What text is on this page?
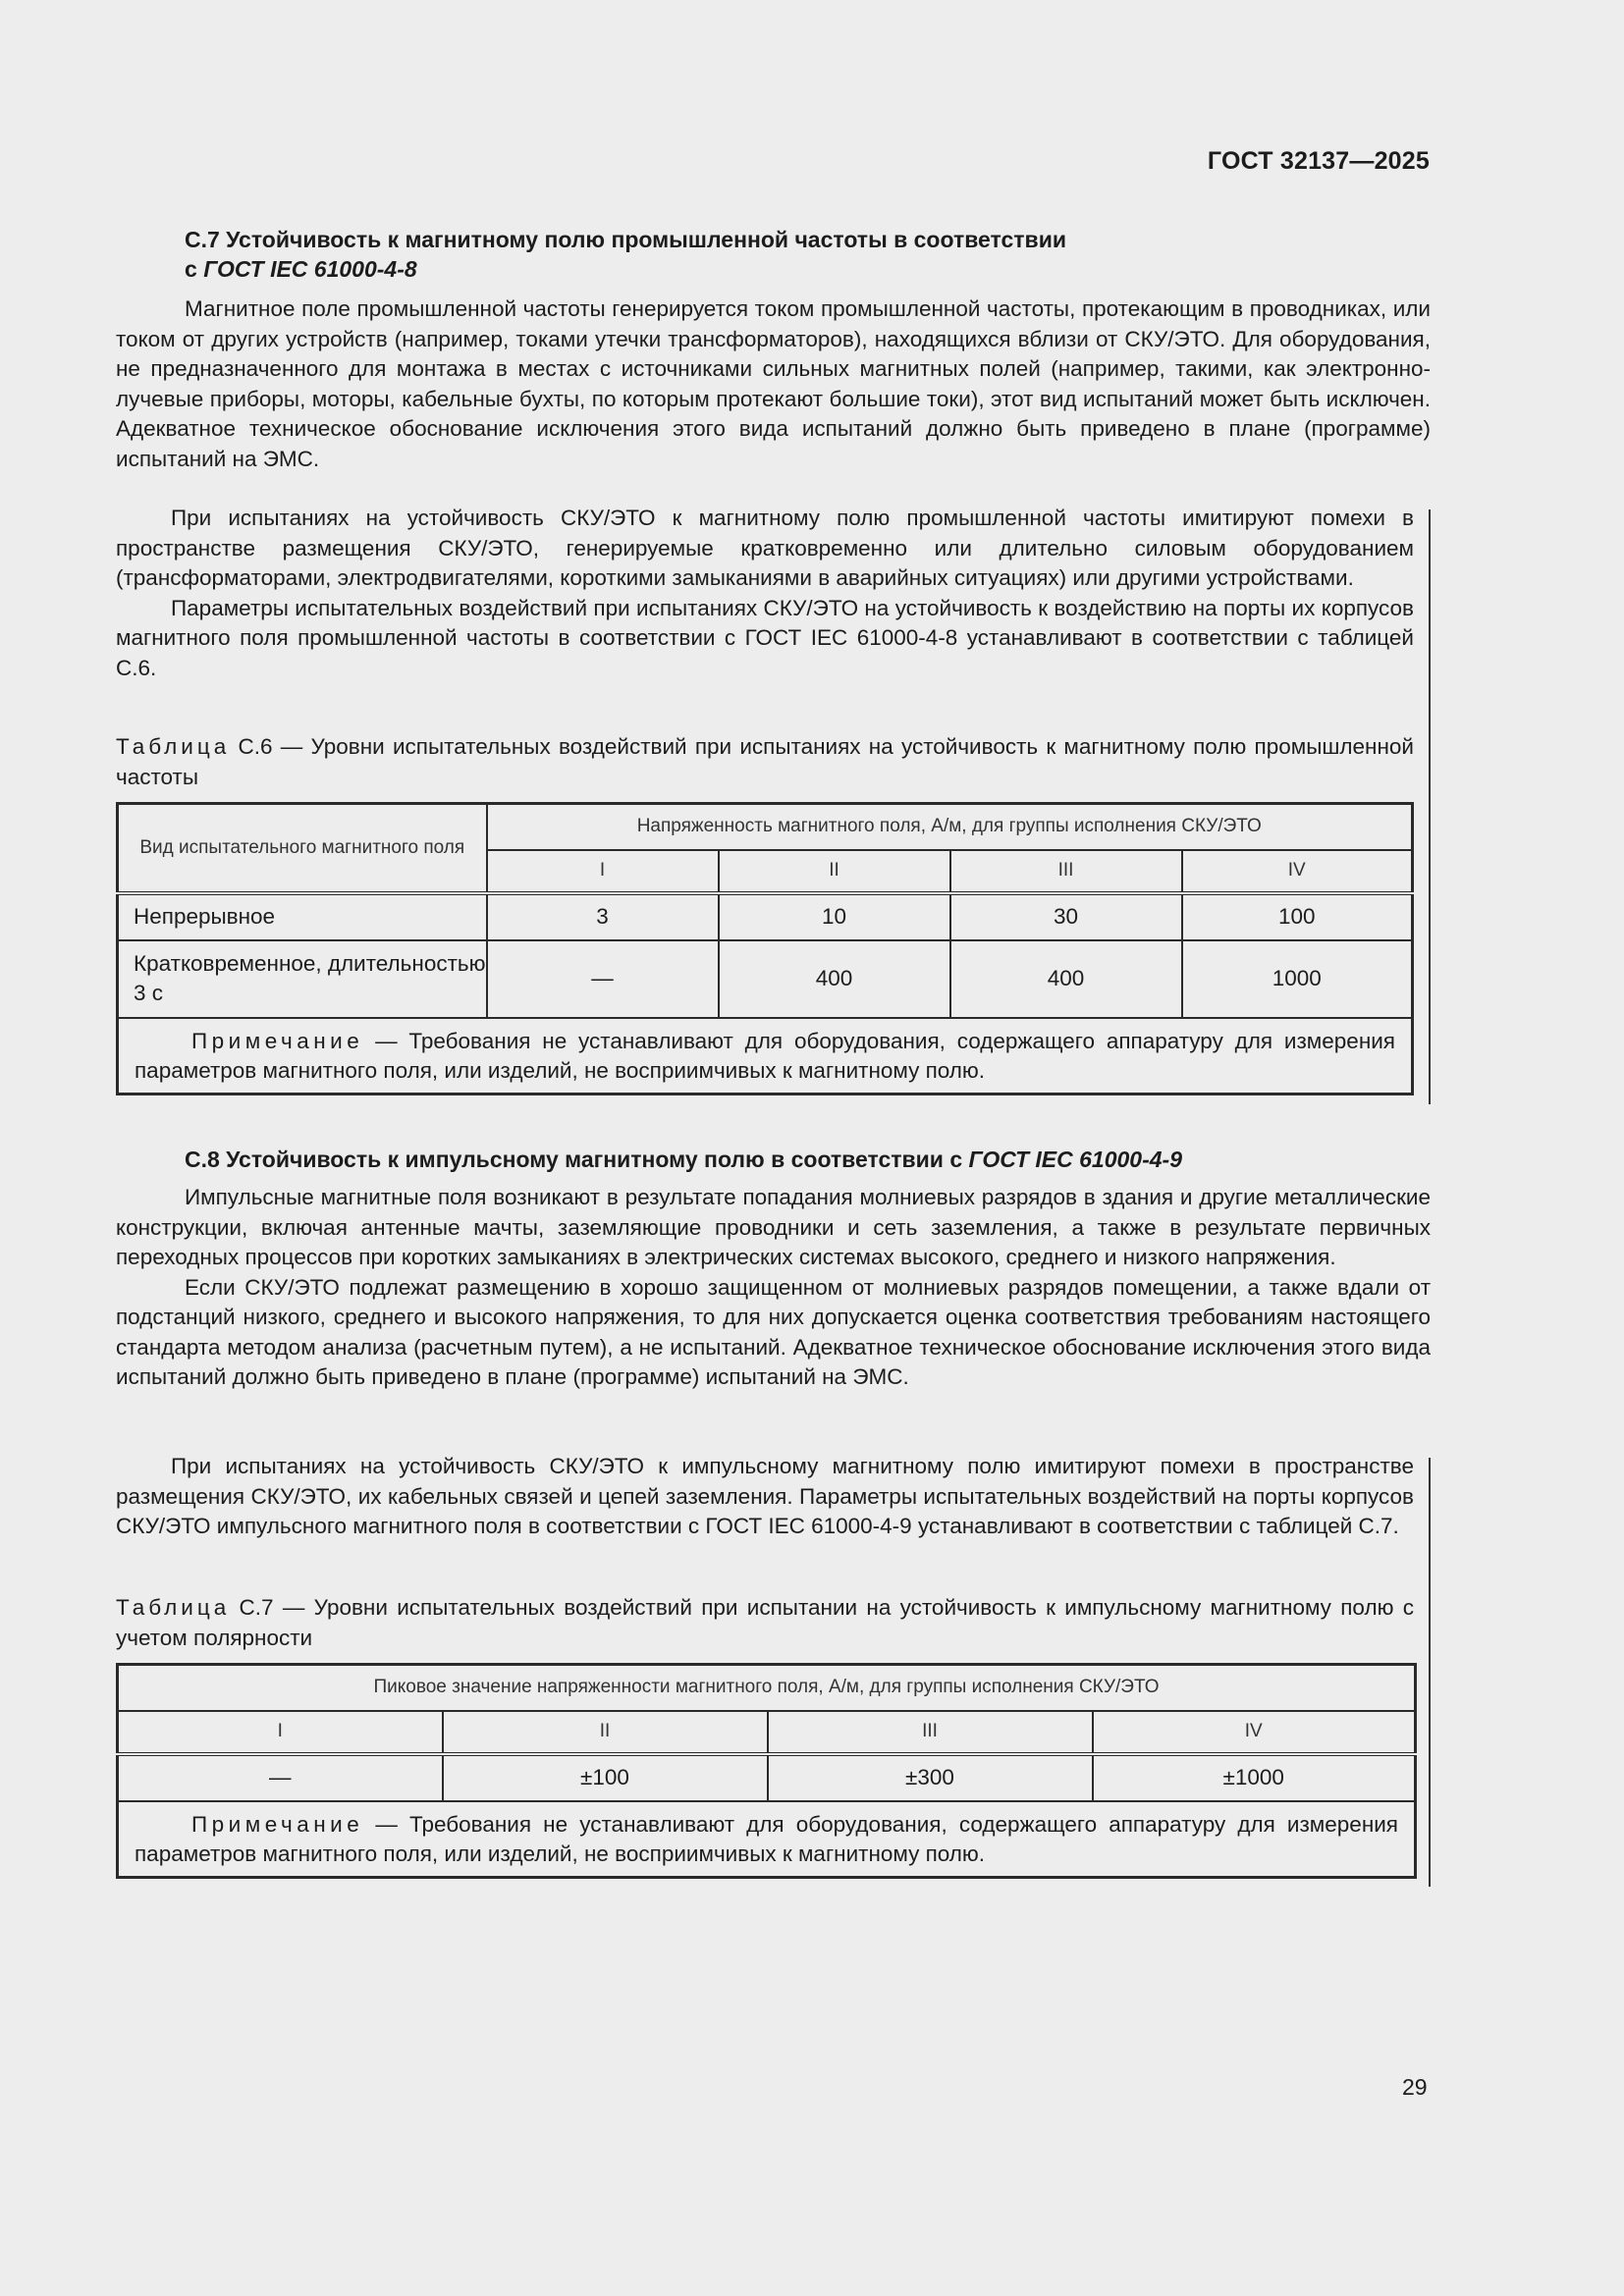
ГОСТ 32137—2025
С.7 Устойчивость к магнитному полю промышленной частоты в соответствии
с ГОСТ IEC 61000-4-8

Магнитное поле промышленной частоты генерируется током промышленной частоты, протекающим в проводниках, или током от других устройств (например, токами утечки трансформаторов), находящихся вблизи от СКУ/ЭТО. Для оборудования, не предназначенного для монтажа в местах с источниками сильных магнитных полей (например, такими, как электронно-лучевые приборы, моторы, кабельные бухты, по которым протекают большие токи), этот вид испытаний может быть исключен. Адекватное техническое обоснование исключения этого вида испытаний должно быть приведено в плане (программе) испытаний на ЭМС.

При испытаниях на устойчивость СКУ/ЭТО к магнитному полю промышленной частоты имитируют помехи в пространстве размещения СКУ/ЭТО, генерируемые кратковременно или длительно силовым оборудованием (трансформаторами, электродвигателями, короткими замыканиями в аварийных ситуациях) или другими устройствами.

Параметры испытательных воздействий при испытаниях СКУ/ЭТО на устойчивость к воздействию на порты их корпусов магнитного поля промышленной частоты в соответствии с ГОСТ IEC 61000-4-8 устанавливают в соответствии с таблицей С.6.

Таблица С.6 — Уровни испытательных воздействий при испытаниях на устойчивость к магнитному полю промышленной частоты
Вид испытательного магнитного поля	Напряженность магнитного поля, А/м, для группы исполнения СКУ/ЭТО			
	I	II	III	IV
Непрерывное	3	10	30	100
Кратковременное, длительностью 3 с	—	400	400	1000
Примечание — Требования не устанавливают для оборудования, содержащего аппаратуру для измерения параметров магнитного поля, или изделий, не восприимчивых к магнитному полю.				
С.8 Устойчивость к импульсному магнитному полю в соответствии с ГОСТ IEC 61000-4-9

Импульсные магнитные поля возникают в результате попадания молниевых разрядов в здания и другие металлические конструкции, включая антенные мачты, заземляющие проводники и сеть заземления, а также в результате первичных переходных процессов при коротких замыканиях в электрических системах высокого, среднего и низкого напряжения.

Если СКУ/ЭТО подлежат размещению в хорошо защищенном от молниевых разрядов помещении, а также вдали от подстанций низкого, среднего и высокого напряжения, то для них допускается оценка соответствия требованиям настоящего стандарта методом анализа (расчетным путем), а не испытаний. Адекватное техническое обоснование исключения этого вида испытаний должно быть приведено в плане (программе) испытаний на ЭМС.

При испытаниях на устойчивость СКУ/ЭТО к импульсному магнитному полю имитируют помехи в пространстве размещения СКУ/ЭТО, их кабельных связей и цепей заземления. Параметры испытательных воздействий на порты корпусов СКУ/ЭТО импульсного магнитного поля в соответствии с ГОСТ IEC 61000-4-9 устанавливают в соответствии с таблицей С.7.

Таблица С.7 — Уровни испытательных воздействий при испытании на устойчивость к импульсному магнитному полю с учетом полярности
Пиковое значение напряженности магнитного поля, А/м, для группы исполнения СКУ/ЭТО			
I	II	III	IV
—	±100	±300	±1000
Примечание — Требования не устанавливают для оборудования, содержащего аппаратуру для измерения параметров магнитного поля, или изделий, не восприимчивых к магнитному полю.			
29
